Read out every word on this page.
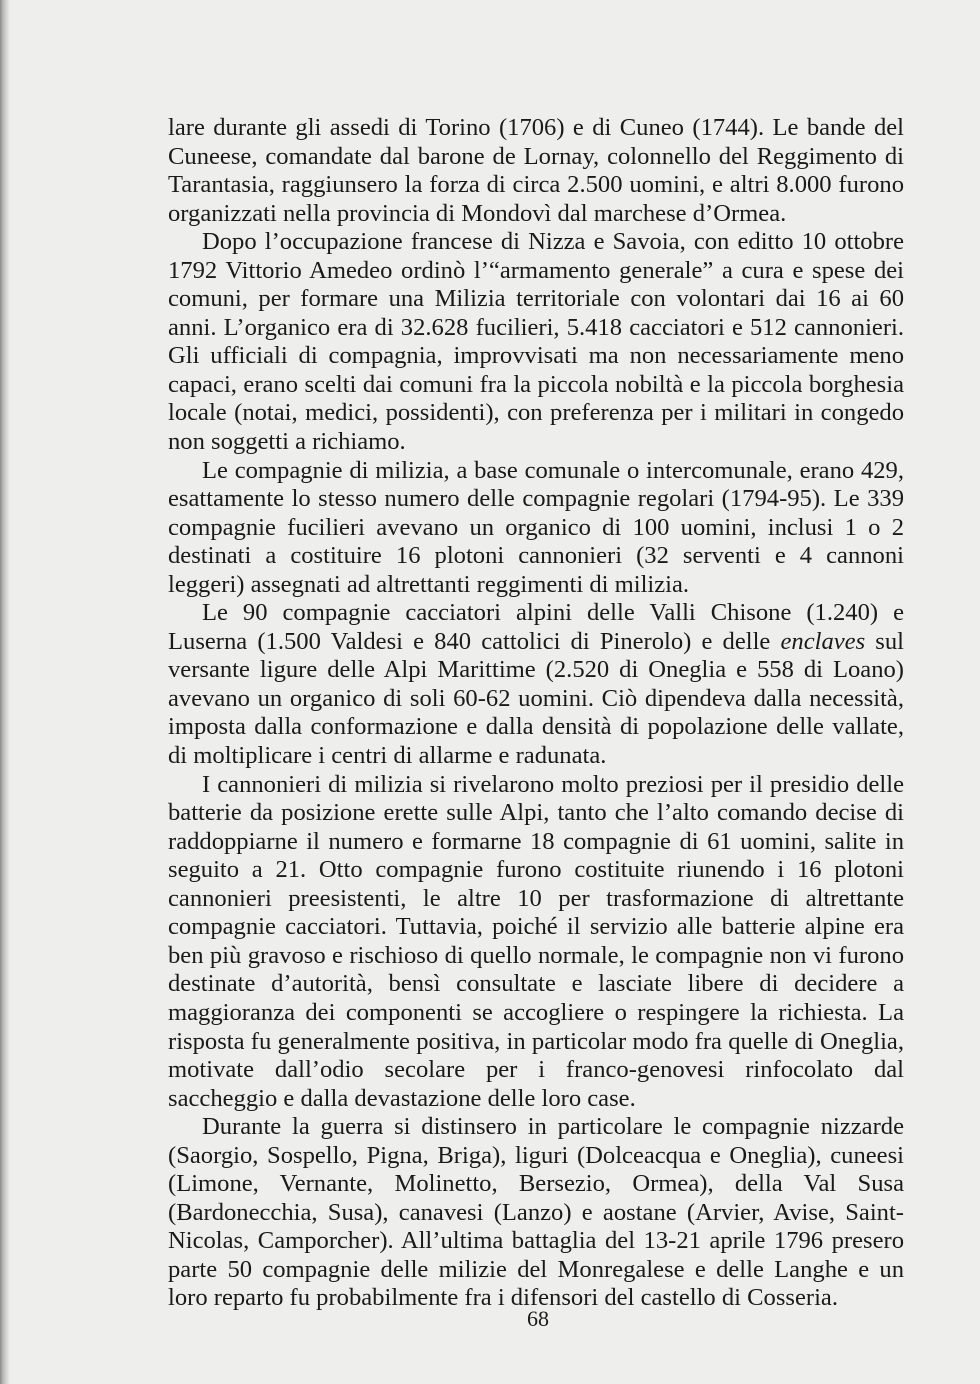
lare durante gli assedi di Torino (1706) e di Cuneo (1744). Le bande del Cuneese, comandate dal barone de Lornay, colonnello del Reggimento di Tarantasia, raggiunsero la forza di circa 2.500 uomini, e altri 8.000 furono organizzati nella provincia di Mondovì dal marchese d’Ormea.

Dopo l’occupazione francese di Nizza e Savoia, con editto 10 ottobre 1792 Vittorio Amedeo ordinò l’“armamento generale” a cura e spese dei comuni, per formare una Milizia territoriale con volontari dai 16 ai 60 anni. L’organico era di 32.628 fucilieri, 5.418 cacciatori e 512 cannonieri. Gli ufficiali di compagnia, improvvisati ma non necessariamente meno capaci, erano scelti dai comuni fra la piccola nobiltà e la piccola borghesia locale (notai, medici, possidenti), con preferenza per i militari in congedo non soggetti a richiamo.

Le compagnie di milizia, a base comunale o intercomunale, erano 429, esattamente lo stesso numero delle compagnie regolari (1794-95). Le 339 compagnie fucilieri avevano un organico di 100 uomini, inclusi 1 o 2 destinati a costituire 16 plotoni cannonieri (32 serventi e 4 cannoni leggeri) assegnati ad altrettanti reggimenti di milizia.

Le 90 compagnie cacciatori alpini delle Valli Chisone (1.240) e Luserna (1.500 Valdesi e 840 cattolici di Pinerolo) e delle enclaves sul versante ligure delle Alpi Marittime (2.520 di Oneglia e 558 di Loano) avevano un organico di soli 60-62 uomini. Ciò dipendeva dalla necessità, imposta dalla conformazione e dalla densità di popolazione delle vallate, di moltiplicare i centri di allarme e radunata.

I cannonieri di milizia si rivelarono molto preziosi per il presidio delle batterie da posizione erette sulle Alpi, tanto che l’alto comando decise di raddoppiarne il numero e formarne 18 compagnie di 61 uomini, salite in seguito a 21. Otto compagnie furono costituite riunendo i 16 plotoni cannonieri preesistenti, le altre 10 per trasformazione di altrettante compagnie cacciatori. Tuttavia, poiché il servizio alle batterie alpine era ben più gravoso e rischioso di quello normale, le compagnie non vi furono destinate d’autorità, bensì consultate e lasciate libere di decidere a maggioranza dei componenti se accogliere o respingere la richiesta. La risposta fu generalmente positiva, in particolar modo fra quelle di Oneglia, motivate dall’odio secolare per i franco-genovesi rinfocolato dal saccheggio e dalla devastazione delle loro case.

Durante la guerra si distinsero in particolare le compagnie nizzarde (Saorgio, Sospello, Pigna, Briga), liguri (Dolceacqua e Oneglia), cuneesi (Limone, Vernante, Molinetto, Bersezio, Ormea), della Val Susa (Bardonecchia, Susa), canavesi (Lanzo) e aostane (Arvier, Avise, Saint-Nicolas, Camporcher). All’ultima battaglia del 13-21 aprile 1796 presero parte 50 compagnie delle milizie del Monregalese e delle Langhe e un loro reparto fu probabilmente fra i difensori del castello di Cosseria.

68
